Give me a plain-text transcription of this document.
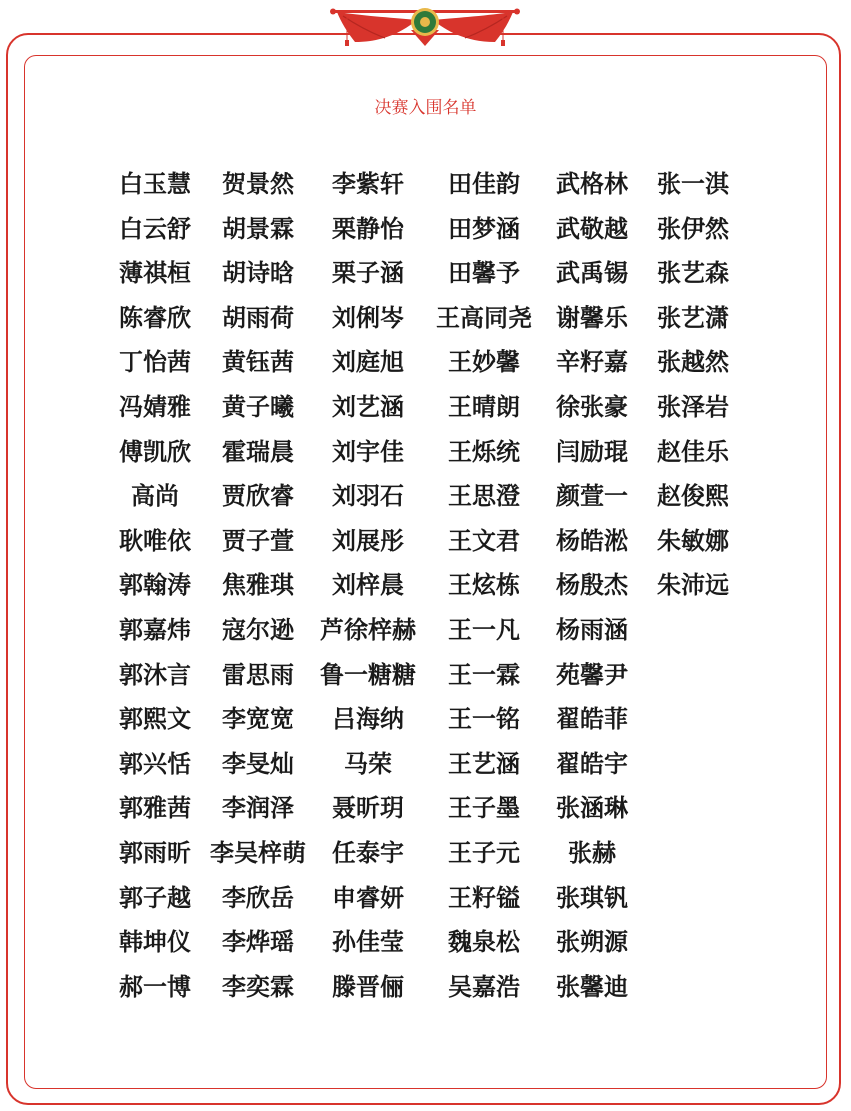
决赛入围名单
白玉慧
白云舒
薄祺桓
陈睿欣
丁怡茜
冯婧雅
傅凯欣
高尚
耿唯依
郭翰涛
郭嘉炜
郭沐言
郭熙文
郭兴恬
郭雅茜
郭雨昕
郭子越
韩坤仪
郝一博
贺景然
胡景霖
胡诗晗
胡雨荷
黄钰茜
黄子曦
霍瑞晨
贾欣睿
贾子萱
焦雅琪
寇尔逊
雷思雨
李宽宽
李旻灿
李润泽
李吴梓萌
李欣岳
李烨瑶
李奕霖
李紫轩
栗静怡
栗子涵
刘俐岑
刘庭旭
刘艺涵
刘宇佳
刘羽石
刘展彤
刘梓晨
芦徐梓赫
鲁一糖糖
吕海纳
马荣
聂昕玥
任泰宇
申睿妍
孙佳莹
滕晋俪
田佳韵
田梦涵
田馨予
王高同尧
王妙馨
王晴朗
王烁统
王思澄
王文君
王炫栋
王一凡
王一霖
王一铭
王艺涵
王子墨
王子元
王籽镒
魏泉松
吴嘉浩
武格林
武敬越
武禹锡
谢馨乐
辛籽嘉
徐张豪
闫励琨
颜萱一
杨皓淞
杨殷杰
杨雨涵
苑馨尹
翟皓菲
翟皓宇
张涵琳
张赫
张琪钒
张朔源
张馨迪
张一淇
张伊然
张艺森
张艺潇
张越然
张泽岩
赵佳乐
赵俊熙
朱敏娜
朱沛远
